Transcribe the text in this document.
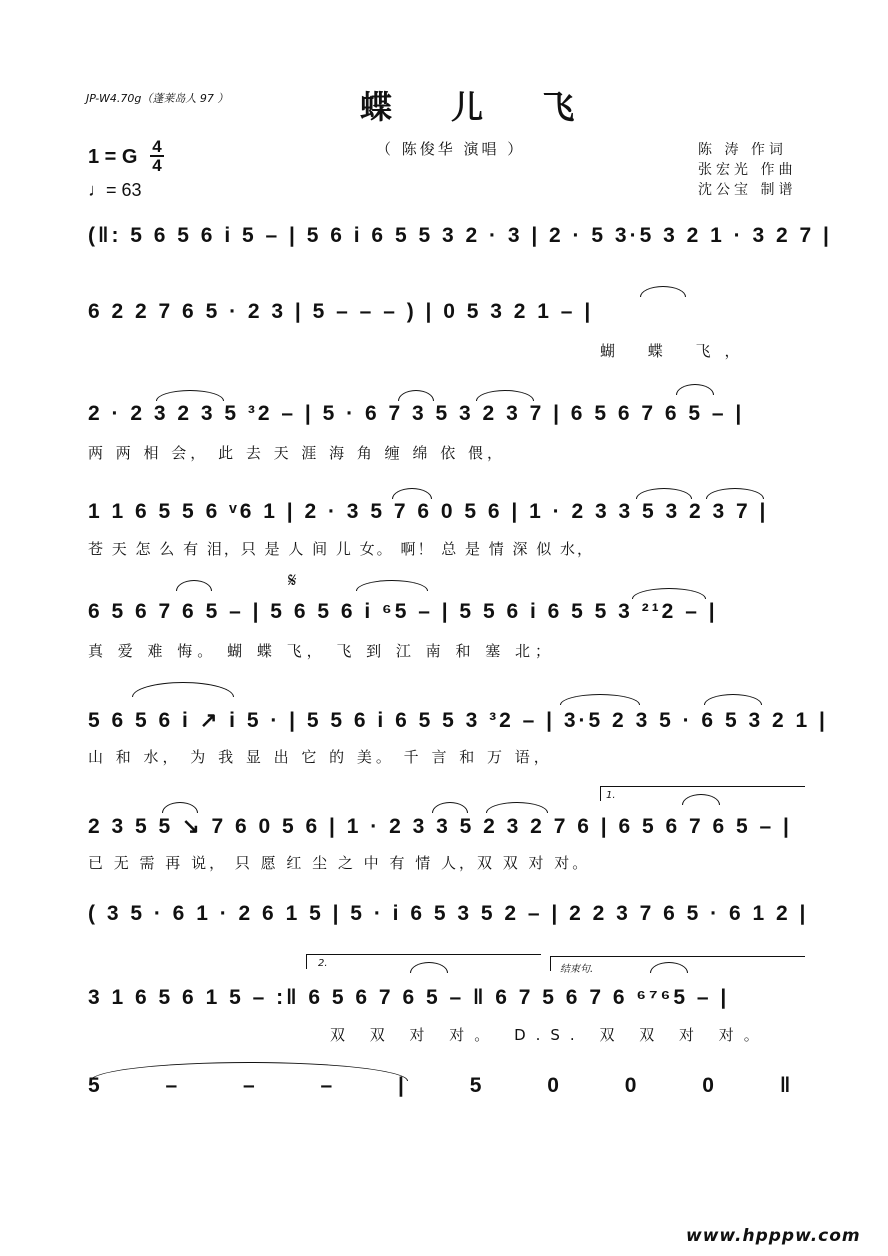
JP-W4.70g（蓬莱岛人 97 ）	蝶 儿 飞
（ 陈俊华 演唱 ）
1 = G 4
4
♩= 63
陈 涛 作词
张宏光 作曲
沈公宝 制谱
(‖: 5 6 5 6 i 5 – | 5 6 i 6 5 5 3 2 · 3 | 2 · 5 3·5 3 2 1 · 3 2 7 |
6 2 2 7 6 5 · 2 3 | 5 – – – ) | 0 5 3 2 1 – |
蝴 蝶 飞，
2 · 2 3 2 3 5 ³2 – | 5 · 6 7 3 5 3 2 3 7 | 6 5 6 7 6 5 – |
两 两 相 会， 此 去 天 涯 海 角 缠 绵 依 偎，
1 1 6 5 5 6 ᵛ6 1 | 2 · 3 5 7 6 0 5 6 | 1 · 2 3 3 5 3 2 3 7 |
苍 天 怎 么 有 泪，只 是 人 间 儿 女。 啊！ 总 是 情 深 似 水，
𝄋
6 5 6 7 6 5 – | 5 6 5 6 i ⁶5 – | 5 5 6 i 6 5 5 3 ²¹2 – |
真 爱 难 悔。 蝴 蝶 飞， 飞 到 江 南 和 塞 北；
5 6 5 6 i ↗ i 5 · | 5 5 6 i 6 5 5 3 ³2 – | 3·5 2 3 5 · 6 5 3 2 1 |
山 和 水， 为 我 显 出 它 的 美。 千 言 和 万 语，
1.
2 3 5 5 ↘ 7 6 0 5 6 | 1 · 2 3 3 5 2 3 2 7 6 | 6 5 6 7 6 5 – |
已 无 需 再 说， 只 愿 红 尘 之 中 有 情 人，双 双 对 对。
( 3 5 · 6 1 · 2 6 1 5 | 5 · i 6 5 3 5 2 – | 2 2 3 7 6 5 · 6 1 2 |
2.
结束句.
3 1 6 5 6 1 5 – :‖ 6 5 6 7 6 5 – ‖ 6 7 5 6 7 6 ⁶⁷⁶5 – |
双 双 对 对。 D.S. 双 双 对 对。
5 – – – | 5 0 0 0 ‖
www.hpppw.com
